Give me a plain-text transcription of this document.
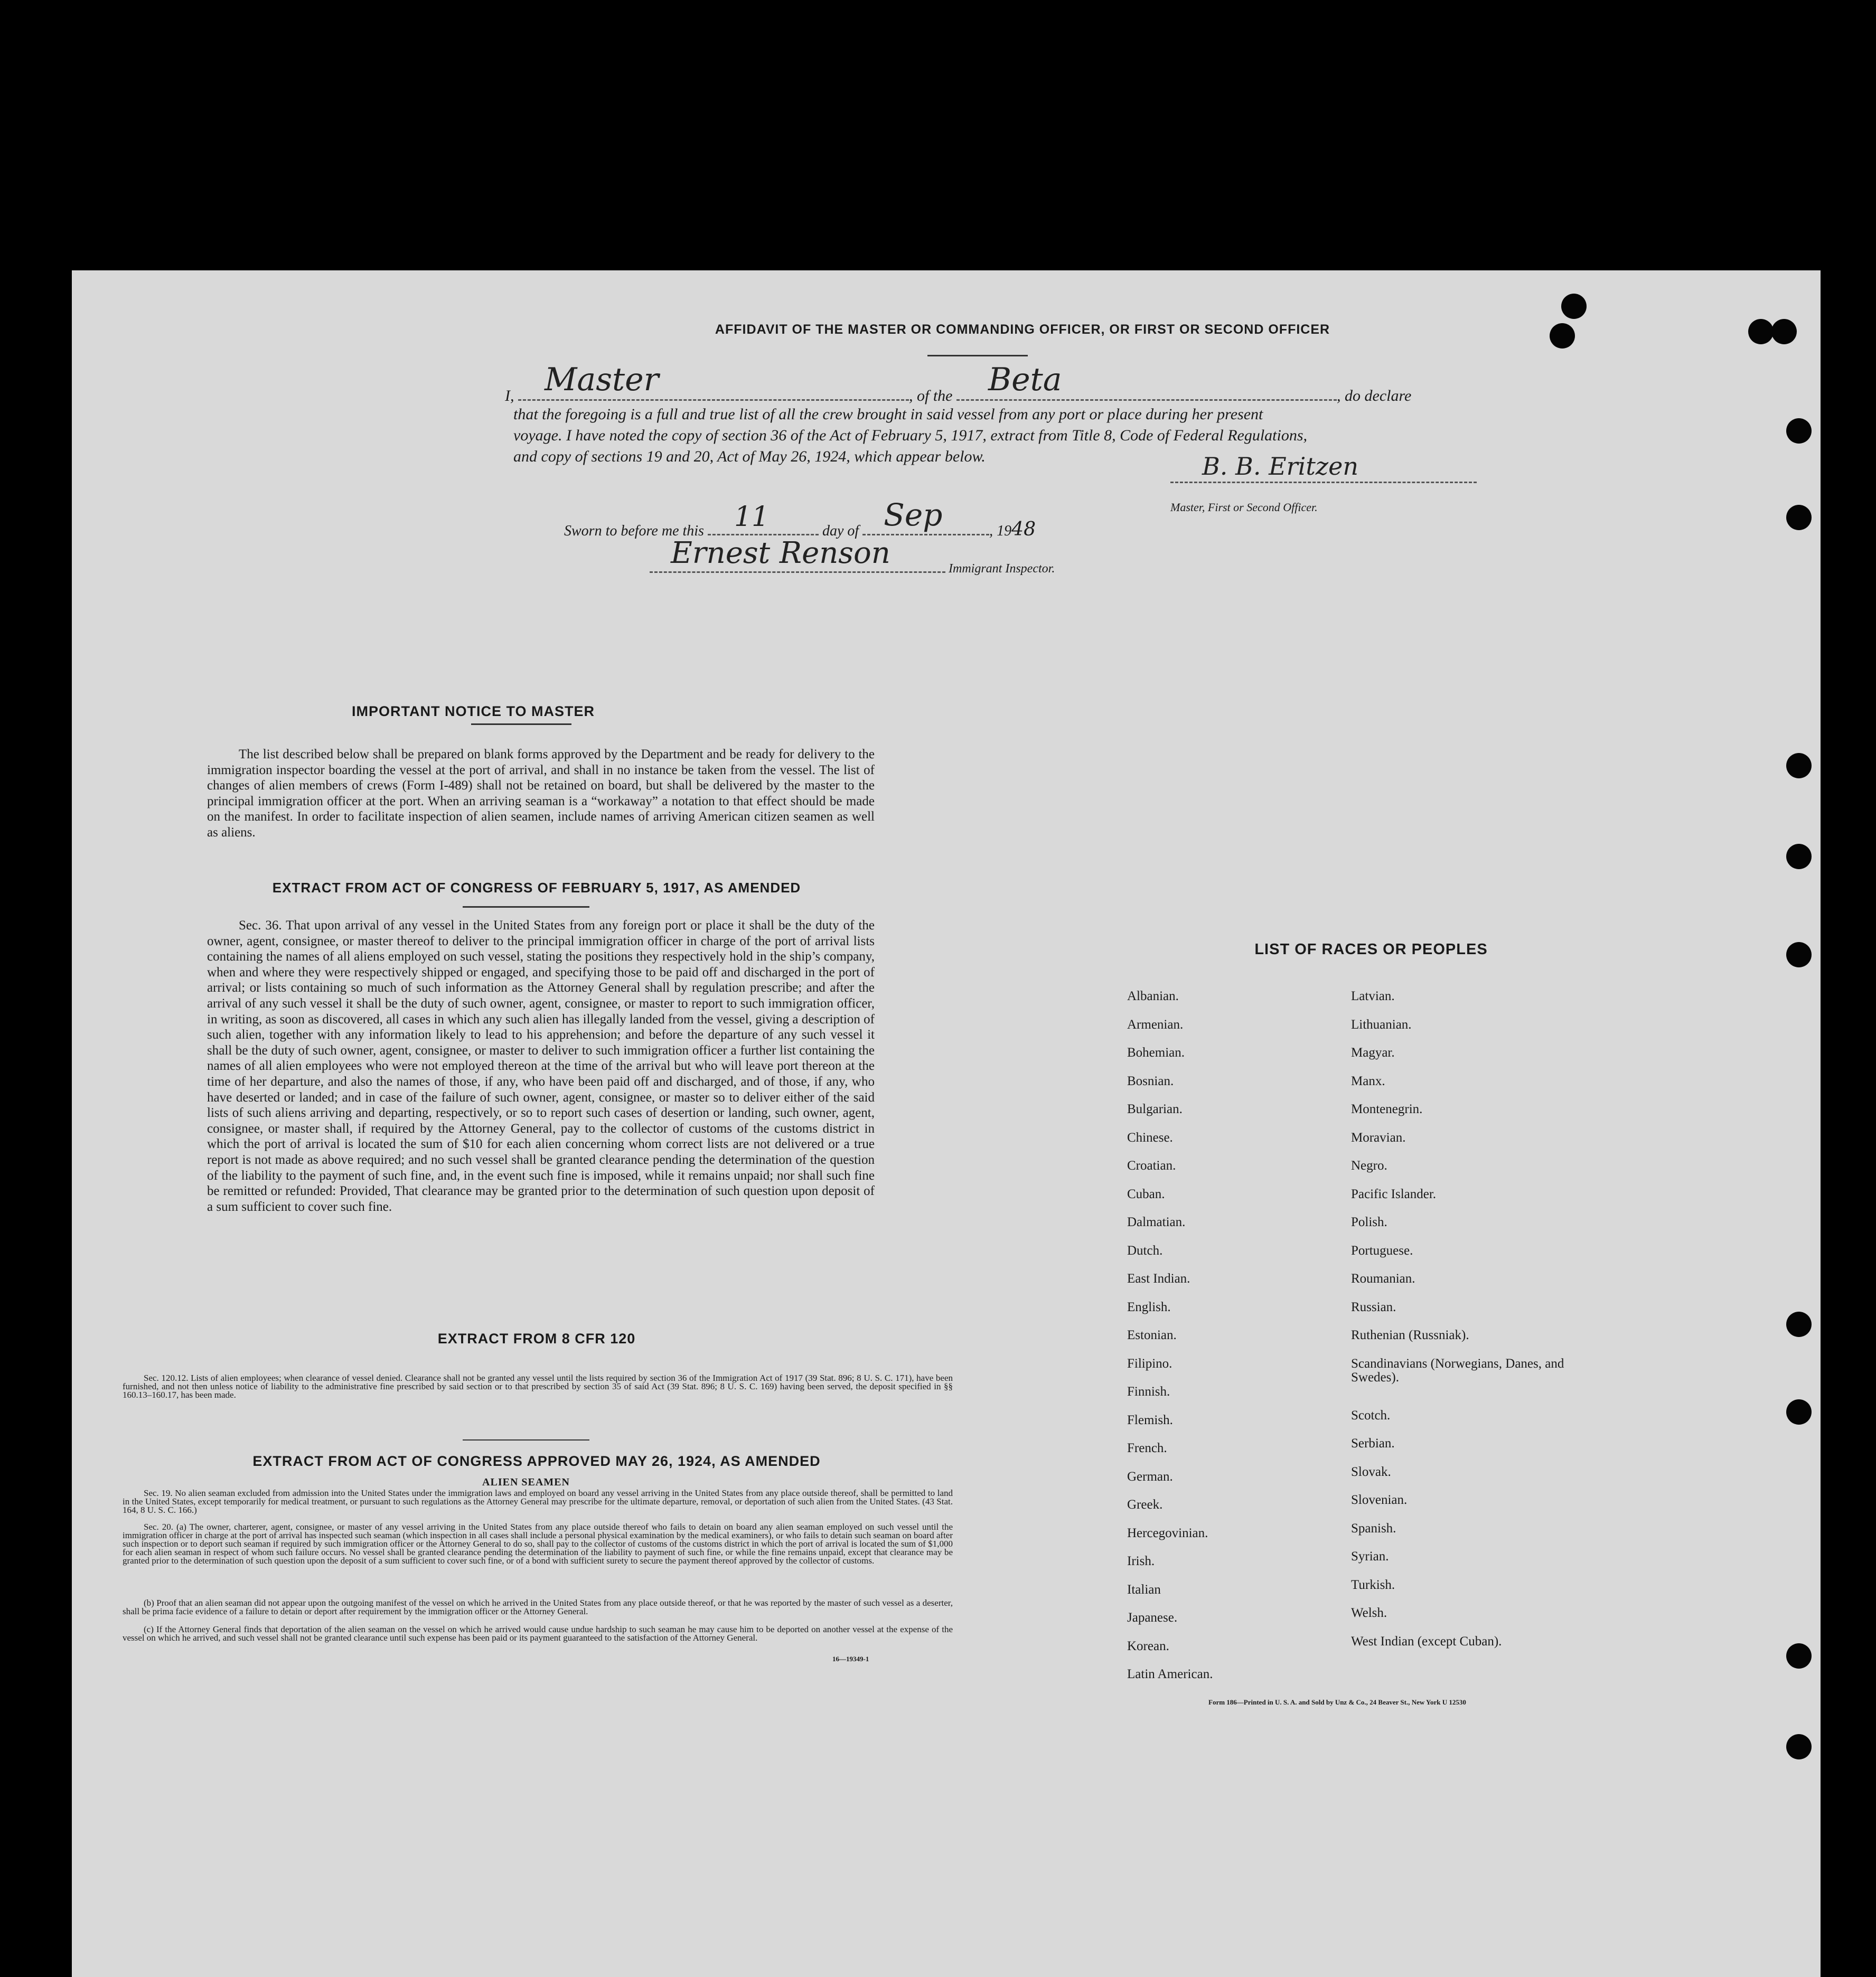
AFFIDAVIT OF THE MASTER OR COMMANDING OFFICER, OR FIRST OR SECOND OFFICER
I, Master	, of the Beta	, do declare
that the foregoing is a full and true list of all the crew brought in said vessel from any port or place during her present
voyage. I have noted the copy of section 36 of the Act of February 5, 1917, extract from Title 8, Code of Federal Regulations,
and copy of sections 19 and 20, Act of May 26, 1924, which appear below.	B. B. Eritzen
Master, First or Second Officer.
Sworn to before me this 11	day of Sep	, 1948
Ernest Renson	Immigrant Inspector.
IMPORTANT NOTICE TO MASTER
The list described below shall be prepared on blank forms approved by the Department and be ready for delivery to the immigration inspector boarding the vessel at the port of arrival, and shall in no instance be taken from the vessel. The list of changes of alien members of crews (Form I-489) shall not be retained on board, but shall be delivered by the master to the principal immigration officer at the port. When an arriving seaman is a “workaway” a notation to that effect should be made on the manifest. In order to facilitate inspection of alien seamen, include names of arriving American citizen seamen as well as aliens.
EXTRACT FROM ACT OF CONGRESS OF FEBRUARY 5, 1917, AS AMENDED
Sec. 36. That upon arrival of any vessel in the United States from any foreign port or place it shall be the duty of the owner, agent, consignee, or master thereof to deliver to the principal immigration officer in charge of the port of arrival lists containing the names of all aliens employed on such vessel, stating the positions they respectively hold in the ship’s company, when and where they were respectively shipped or engaged, and specifying those to be paid off and discharged in the port of arrival; or lists containing so much of such information as the Attorney General shall by regulation prescribe; and after the arrival of any such vessel it shall be the duty of such owner, agent, consignee, or master to report to such immigration officer, in writing, as soon as discovered, all cases in which any such alien has illegally landed from the vessel, giving a description of such alien, together with any information likely to lead to his apprehension; and before the departure of any such vessel it shall be the duty of such owner, agent, consignee, or master to deliver to such immigration officer a further list containing the names of all alien employees who were not employed thereon at the time of the arrival but who will leave port thereon at the time of her departure, and also the names of those, if any, who have been paid off and discharged, and of those, if any, who have deserted or landed; and in case of the failure of such owner, agent, consignee, or master so to deliver either of the said lists of such aliens arriving and departing, respectively, or so to report such cases of desertion or landing, such owner, agent, consignee, or master shall, if required by the Attorney General, pay to the collector of customs of the customs district in which the port of arrival is located the sum of $10 for each alien concerning whom correct lists are not delivered or a true report is not made as above required; and no such vessel shall be granted clearance pending the determination of the question of the liability to the payment of such fine, and, in the event such fine is imposed, while it remains unpaid; nor shall such fine be remitted or refunded: Provided, That clearance may be granted prior to the determination of such question upon deposit of a sum sufficient to cover such fine.
EXTRACT FROM 8 CFR 120
Sec. 120.12. Lists of alien employees; when clearance of vessel denied. Clearance shall not be granted any vessel until the lists required by section 36 of the Immigration Act of 1917 (39 Stat. 896; 8 U. S. C. 171), have been furnished, and not then unless notice of liability to the administrative fine prescribed by said section or to that prescribed by section 35 of said Act (39 Stat. 896; 8 U. S. C. 169) having been served, the deposit specified in §§ 160.13–160.17, has been made.
EXTRACT FROM ACT OF CONGRESS APPROVED MAY 26, 1924, AS AMENDED
ALIEN SEAMEN
Sec. 19. No alien seaman excluded from admission into the United States under the immigration laws and employed on board any vessel arriving in the United States from any place outside thereof, shall be permitted to land in the United States, except temporarily for medical treatment, or pursuant to such regulations as the Attorney General may prescribe for the ultimate departure, removal, or deportation of such alien from the United States. (43 Stat. 164, 8 U. S. C. 166.)
Sec. 20. (a) The owner, charterer, agent, consignee, or master of any vessel arriving in the United States from any place outside thereof who fails to detain on board any alien seaman employed on such vessel until the immigration officer in charge at the port of arrival has inspected such seaman (which inspection in all cases shall include a personal physical examination by the medical examiners), or who fails to detain such seaman on board after such inspection or to deport such seaman if required by such immigration officer or the Attorney General to do so, shall pay to the collector of customs of the customs district in which the port of arrival is located the sum of $1,000 for each alien seaman in respect of whom such failure occurs. No vessel shall be granted clearance pending the determination of the liability to payment of such fine, or while the fine remains unpaid, except that clearance may be granted prior to the determination of such question upon the deposit of a sum sufficient to cover such fine, or of a bond with sufficient surety to secure the payment thereof approved by the collector of customs.
(b) Proof that an alien seaman did not appear upon the outgoing manifest of the vessel on which he arrived in the United States from any place outside thereof, or that he was reported by the master of such vessel as a deserter, shall be prima facie evidence of a failure to detain or deport after requirement by the immigration officer or the Attorney General.
(c) If the Attorney General finds that deportation of the alien seaman on the vessel on which he arrived would cause undue hardship to such seaman he may cause him to be deported on another vessel at the expense of the vessel on which he arrived, and such vessel shall not be granted clearance until such expense has been paid or its payment guaranteed to the satisfaction of the Attorney General.
16—19349-1
LIST OF RACES OR PEOPLES
Albanian.
Armenian.
Bohemian.
Bosnian.
Bulgarian.
Chinese.
Croatian.
Cuban.
Dalmatian.
Dutch.
East Indian.
English.
Estonian.
Filipino.
Finnish.
Flemish.
French.
German.
Greek.
Hercegovinian.
Irish.
Italian
Japanese.
Korean.
Latin American.
Latvian.
Lithuanian.
Magyar.
Manx.
Montenegrin.
Moravian.
Negro.
Pacific Islander.
Polish.
Portuguese.
Roumanian.
Russian.
Ruthenian (Russniak).
Scandinavians (Norwegians, Danes, and Swedes).
Scotch.
Serbian.
Slovak.
Slovenian.
Spanish.
Syrian.
Turkish.
Welsh.
West Indian (except Cuban).
Form 186—Printed in U. S. A. and Sold by Unz & Co., 24 Beaver St., New York U 12530
